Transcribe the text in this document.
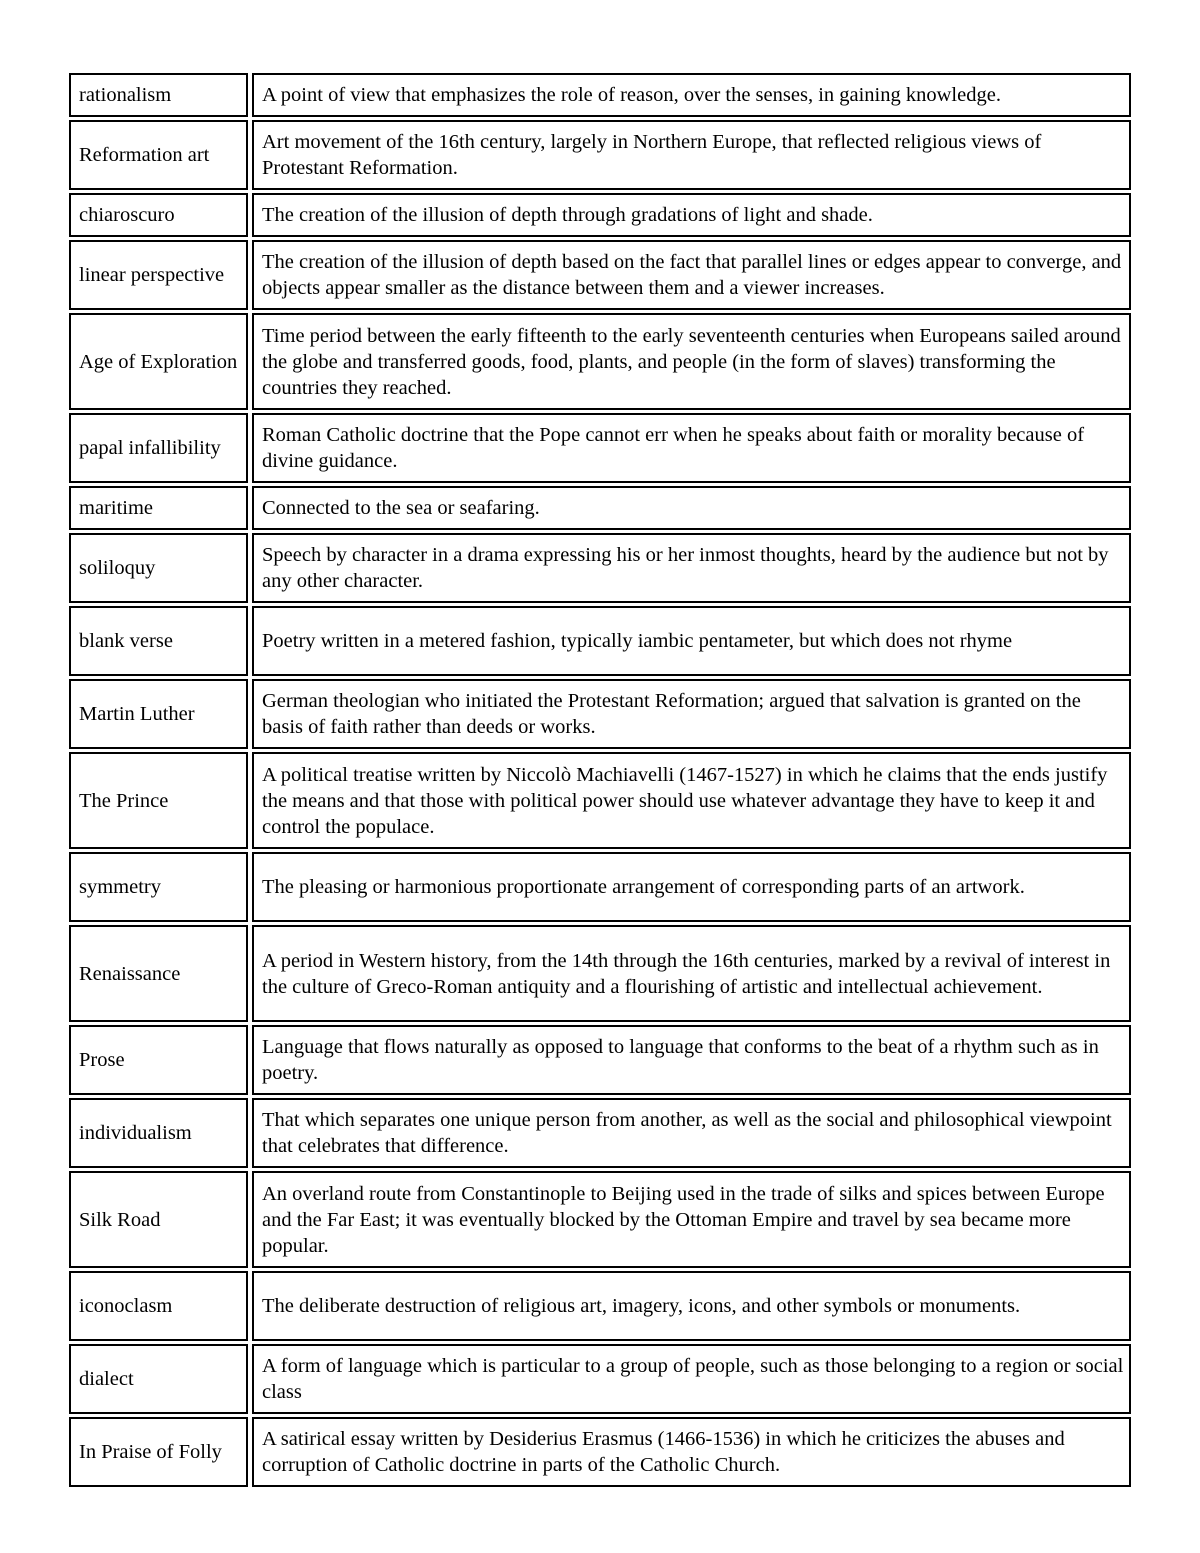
rationalism		A point of view that emphasizes the role of reason, over the senses, in gaining knowledge.
Reformation art		Art movement of the 16th century, largely in Northern Europe, that reflected religious views of Protestant Reformation.
chiaroscuro		The creation of the illusion of depth through gradations of light and shade.
linear perspective		The creation of the illusion of depth based on the fact that parallel lines or edges appear to converge, and objects appear smaller as the distance between them and a viewer increases.
Age of Exploration		Time period between the early fifteenth to the early seventeenth centuries when Europeans sailed around the globe and transferred goods, food, plants, and people (in the form of slaves) transforming the countries they reached.
papal infallibility		Roman Catholic doctrine that the Pope cannot err when he speaks about faith or morality because of divine guidance.
maritime		Connected to the sea or seafaring.
soliloquy		Speech by character in a drama expressing his or her inmost thoughts, heard by the audience but not by any other character.
blank verse		Poetry written in a metered fashion, typically iambic pentameter, but which does not rhyme
Martin Luther		German theologian who initiated the Protestant Reformation; argued that salvation is granted on the basis of faith rather than deeds or works.
The Prince		A political treatise written by Niccolò Machiavelli (1467-1527) in which he claims that the ends justify the means and that those with political power should use whatever advantage they have to keep it and control the populace.
symmetry		The pleasing or harmonious proportionate arrangement of corresponding parts of an artwork.
Renaissance		A period in Western history, from the 14th through the 16th centuries, marked by a revival of interest in the culture of Greco-Roman antiquity and a flourishing of artistic and intellectual achievement.
Prose		Language that flows naturally as opposed to language that conforms to the beat of a rhythm such as in poetry.
individualism		That which separates one unique person from another, as well as the social and philosophical viewpoint that celebrates that difference.
Silk Road		An overland route from Constantinople to Beijing used in the trade of silks and spices between Europe and the Far East; it was eventually blocked by the Ottoman Empire and travel by sea became more popular.
iconoclasm		The deliberate destruction of religious art, imagery, icons, and other symbols or monuments.
dialect		A form of language which is particular to a group of people, such as those belonging to a region or social class
In Praise of Folly		A satirical essay written by Desiderius Erasmus (1466-1536) in which he criticizes the abuses and corruption of Catholic doctrine in parts of the Catholic Church.
